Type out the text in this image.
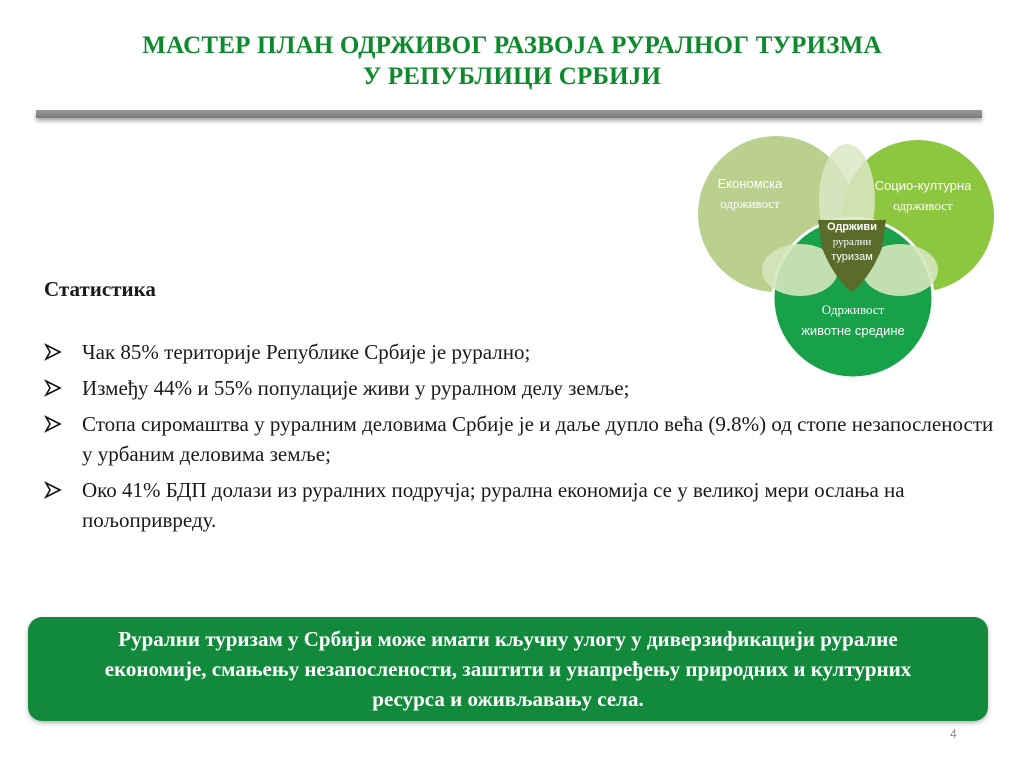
МАСТЕР ПЛАН ОДРЖИВОГ РАЗВОЈА РУРАЛНОГ ТУРИЗМА
У РЕПУБЛИЦИ СРБИЈИ
Економска
одрживост
Социо-културна
одрживост
Одрживост
животне средине
Одрживи
рурални
туризам
Статистика
Чак 85% територије Републике Србије је рурално;
Између 44% и 55% популације живи у руралном делу земље;
Стопа сиромаштва у руралним деловима Србије је и даље дупло већа (9.8%) од стопе незапослености у урбаним деловима земље;
Око 41% БДП долази из руралних подручја; рурална економија се у великој мери ослања на пољопривреду.
Рурални туризам у Србији може имати кључну улогу у диверзификацији руралне економије, смањењу незапослености, заштити и унапређењу природних и културних ресурса и оживљавању села.
4
